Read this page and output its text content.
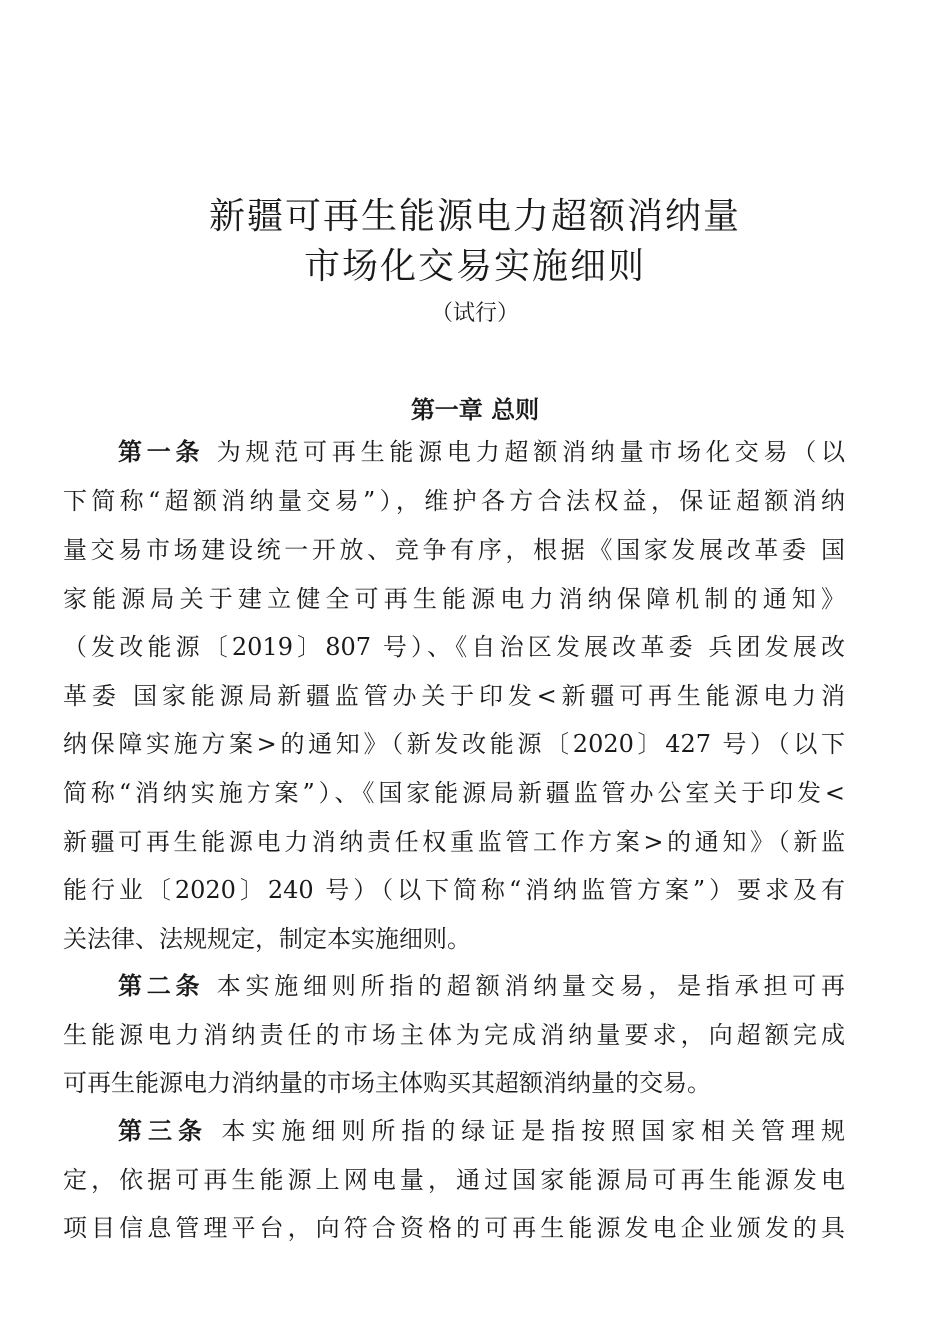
新疆可再生能源电力超额消纳量
市场化交易实施细则
（试行）
第一章 总则
第一条 为规范可再生能源电力超额消纳量市场化交易（以
下简称“超额消纳量交易”），维护各方合法权益，保证超额消纳
量交易市场建设统一开放、竞争有序，根据《国家发展改革委 国
家能源局关于建立健全可再生能源电力消纳保障机制的通知》
（发改能源〔2019〕807 号）、《自治区发展改革委 兵团发展改
革委 国家能源局新疆监管办关于印发<新疆可再生能源电力消
纳保障实施方案>的通知》（新发改能源〔2020〕427 号）（以下
简称“消纳实施方案”）、《国家能源局新疆监管办公室关于印发<
新疆可再生能源电力消纳责任权重监管工作方案>的通知》（新监
能行业〔2020〕240 号）（以下简称“消纳监管方案”）要求及有
关法律、法规规定，制定本实施细则。
第二条 本实施细则所指的超额消纳量交易，是指承担可再
生能源电力消纳责任的市场主体为完成消纳量要求，向超额完成
可再生能源电力消纳量的市场主体购买其超额消纳量的交易。
第三条 本实施细则所指的绿证是指按照国家相关管理规
定，依据可再生能源上网电量，通过国家能源局可再生能源发电
项目信息管理平台，向符合资格的可再生能源发电企业颁发的具
